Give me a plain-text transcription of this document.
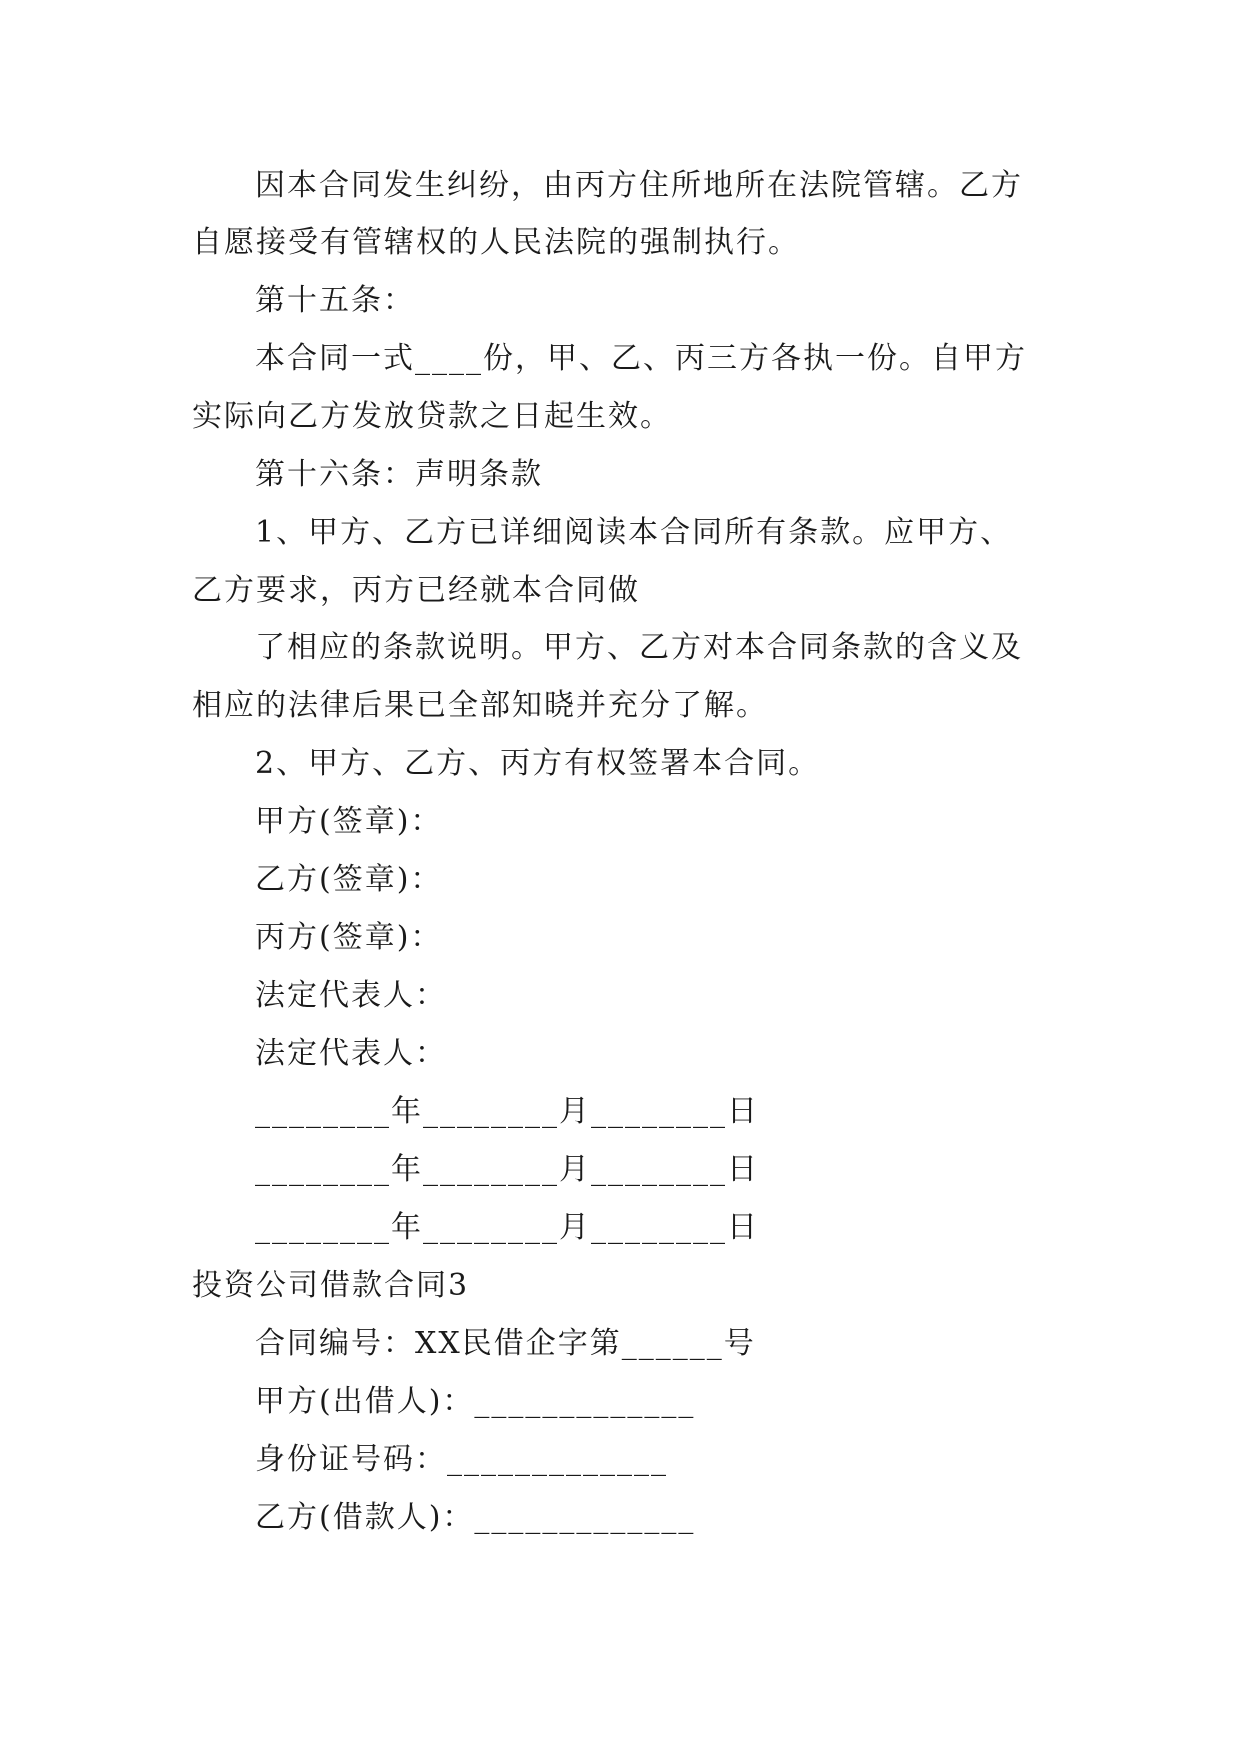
因本合同发生纠纷，由丙方住所地所在法院管辖。乙方
自愿接受有管辖权的人民法院的强制执行。
第十五条：
本合同一式____份，甲、乙、丙三方各执一份。自甲方
实际向乙方发放贷款之日起生效。
第十六条：声明条款
1、甲方、乙方已详细阅读本合同所有条款。应甲方、
乙方要求，丙方已经就本合同做
了相应的条款说明。甲方、乙方对本合同条款的含义及
相应的法律后果已全部知晓并充分了解。
2、甲方、乙方、丙方有权签署本合同。
甲方(签章)：
乙方(签章)：
丙方(签章)：
法定代表人：
法定代表人：
________年________月________日
________年________月________日
________年________月________日
投资公司借款合同3
合同编号：XX民借企字第______号
甲方(出借人)：_____________
身份证号码：_____________
乙方(借款人)：_____________
